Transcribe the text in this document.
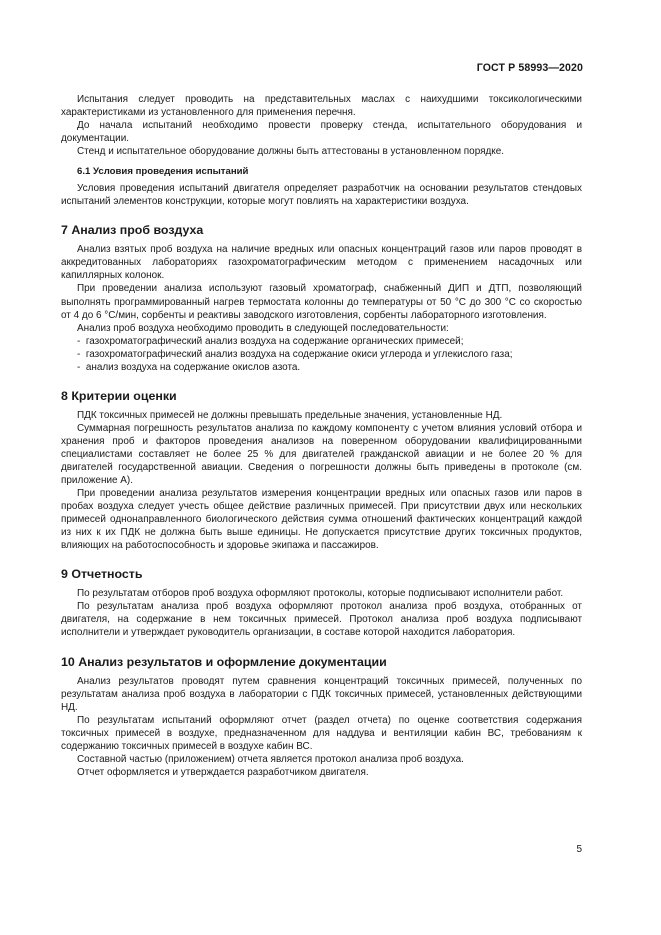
ГОСТ Р 58993—2020

Испытания следует проводить на представительных маслах с наихудшими токсикологическими характеристиками из установленного для применения перечня.

До начала испытаний необходимо провести проверку стенда, испытательного оборудования и документации.

Стенд и испытательное оборудование должны быть аттестованы в установленном порядке.

6.1 Условия проведения испытаний

Условия проведения испытаний двигателя определяет разработчик на основании результатов стендовых испытаний элементов конструкции, которые могут повлиять на характеристики воздуха.

7 Анализ проб воздуха

Анализ взятых проб воздуха на наличие вредных или опасных концентраций газов или паров проводят в аккредитованных лабораториях газохроматографическим методом с применением насадочных или капиллярных колонок.

При проведении анализа используют газовый хроматограф, снабженный ДИП и ДТП, позволяющий выполнять программированный нагрев термостата колонны до температуры от 50 °C до 300 °C со скоростью от 4 до 6 °C/мин, сорбенты и реактивы заводского изготовления, сорбенты лабораторного изготовления.

Анализ проб воздуха необходимо проводить в следующей последовательности:

-  газохроматографический анализ воздуха на содержание органических примесей;
-  газохроматографический анализ воздуха на содержание окиси углерода и углекислого газа;
-  анализ воздуха на содержание окислов азота.
8 Критерии оценки

ПДК токсичных примесей не должны превышать предельные значения, установленные НД.

Суммарная погрешность результатов анализа по каждому компоненту с учетом влияния условий отбора и хранения проб и факторов проведения анализов на поверенном оборудовании квалифицированными специалистами составляет не более 25 % для двигателей гражданской авиации и не более 20 % для двигателей государственной авиации. Сведения о погрешности должны быть приведены в протоколе (см. приложение А).

При проведении анализа результатов измерения концентрации вредных или опасных газов или паров в пробах воздуха следует учесть общее действие различных примесей. При присутствии двух или нескольких примесей однонаправленного биологического действия сумма отношений фактических концентраций каждой из них к их ПДК не должна быть выше единицы. Не допускается присутствие других токсичных продуктов, влияющих на работоспособность и здоровье экипажа и пассажиров.

9 Отчетность

По результатам отборов проб воздуха оформляют протоколы, которые подписывают исполнители работ.

По результатам анализа проб воздуха оформляют протокол анализа проб воздуха, отобранных от двигателя, на содержание в нем токсичных примесей. Протокол анализа проб воздуха подписывают исполнители и утверждает руководитель организации, в составе которой находится лаборатория.

10 Анализ результатов и оформление документации

Анализ результатов проводят путем сравнения концентраций токсичных примесей, полученных по результатам анализа проб воздуха в лаборатории с ПДК токсичных примесей, установленных действующими НД.

По результатам испытаний оформляют отчет (раздел отчета) по оценке соответствия содержания токсичных примесей в воздухе, предназначенном для наддува и вентиляции кабин ВС, требованиям к содержанию токсичных примесей в воздухе кабин ВС.

Составной частью (приложением) отчета является протокол анализа проб воздуха.

Отчет оформляется и утверждается разработчиком двигателя.

5
